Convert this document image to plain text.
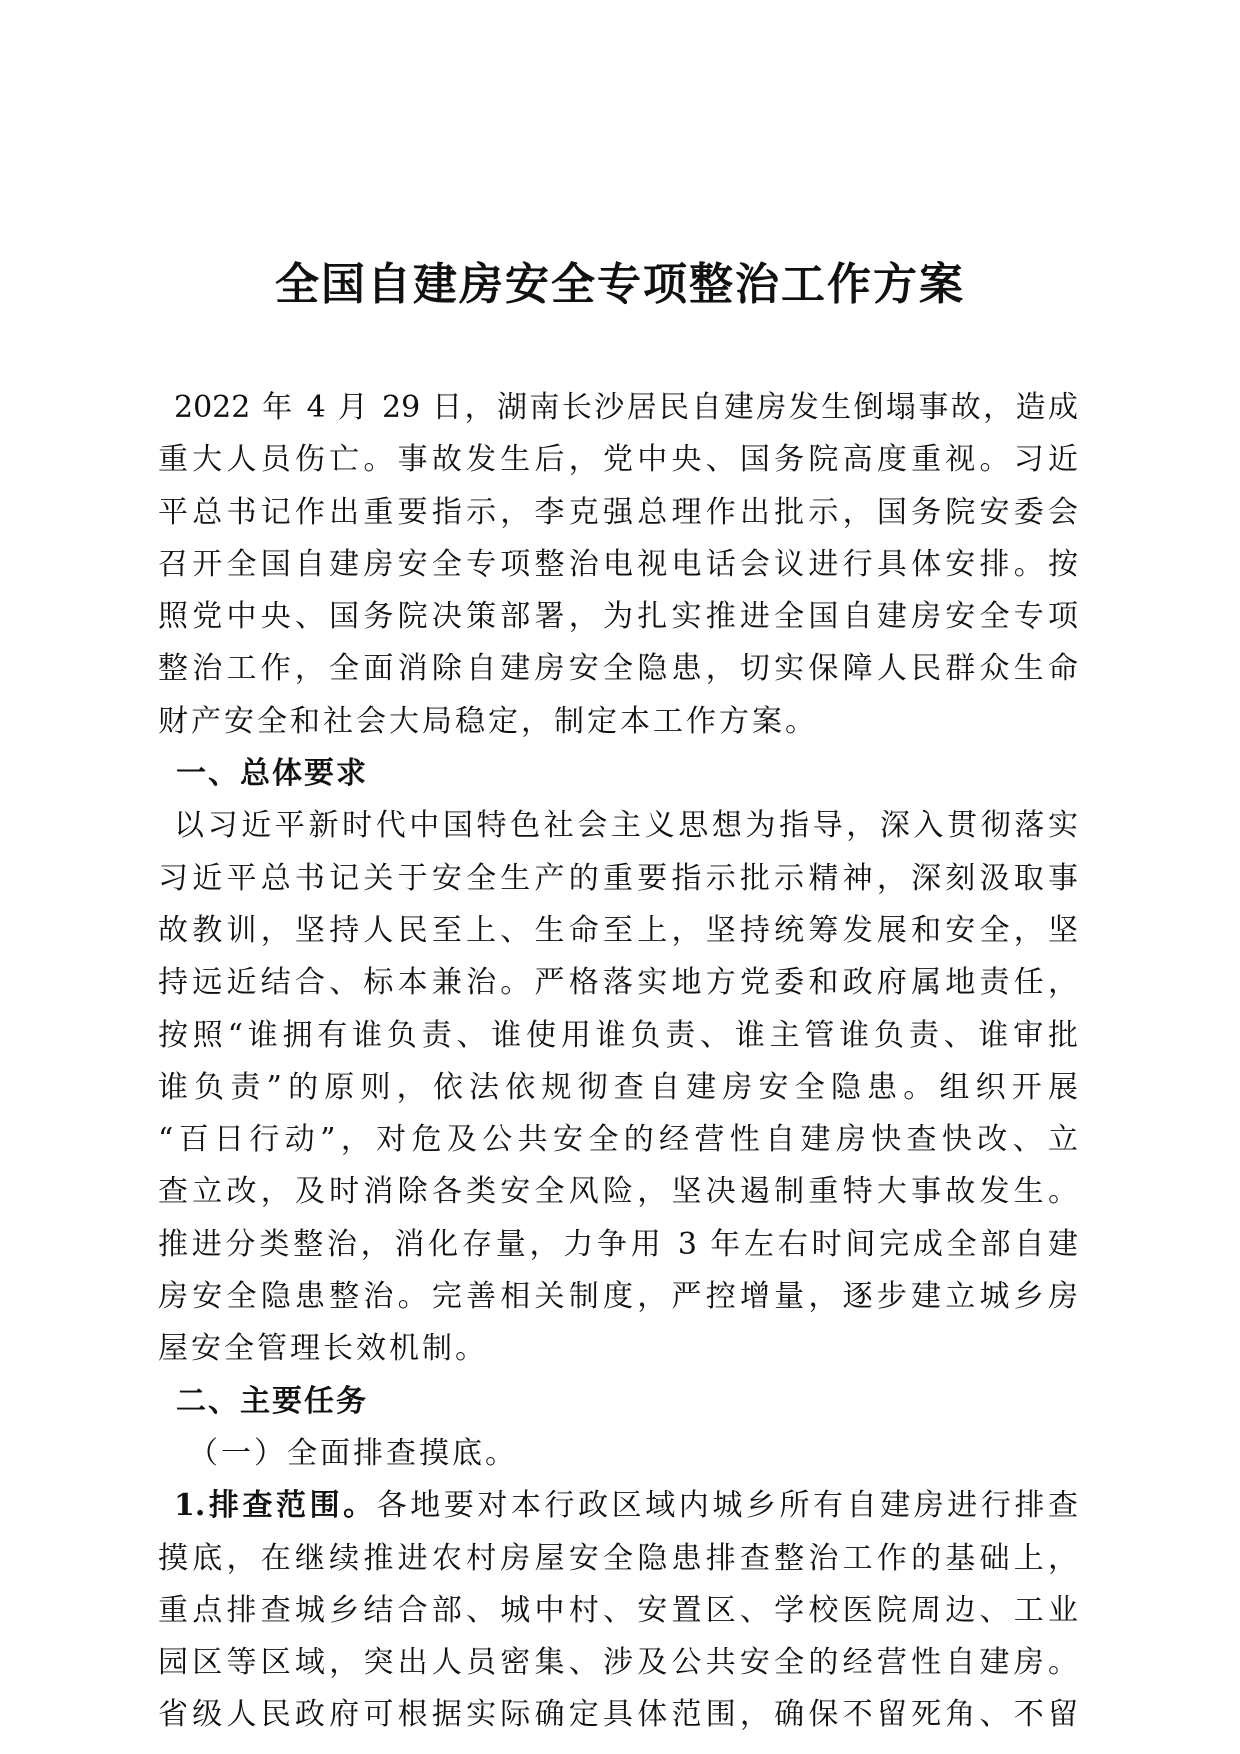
全国自建房安全专项整治工作方案
2022 年 4 月 29 日，湖南长沙居民自建房发生倒塌事故，造成
重大人员伤亡。事故发生后，党中央、国务院高度重视。习近
平总书记作出重要指示，李克强总理作出批示，国务院安委会
召开全国自建房安全专项整治电视电话会议进行具体安排。按
照党中央、国务院决策部署，为扎实推进全国自建房安全专项
整治工作，全面消除自建房安全隐患，切实保障人民群众生命
财产安全和社会大局稳定，制定本工作方案。
一、总体要求
以习近平新时代中国特色社会主义思想为指导，深入贯彻落实
习近平总书记关于安全生产的重要指示批示精神，深刻汲取事
故教训，坚持人民至上、生命至上，坚持统筹发展和安全，坚
持远近结合、标本兼治。严格落实地方党委和政府属地责任，
按照“谁拥有谁负责、谁使用谁负责、谁主管谁负责、谁审批
谁负责”的原则，依法依规彻查自建房安全隐患。组织开展
“百日行动”，对危及公共安全的经营性自建房快查快改、立
查立改，及时消除各类安全风险，坚决遏制重特大事故发生。
推进分类整治，消化存量，力争用 3 年左右时间完成全部自建
房安全隐患整治。完善相关制度，严控增量，逐步建立城乡房
屋安全管理长效机制。
二、主要任务
（一）全面排查摸底。
1.排查范围。各地要对本行政区域内城乡所有自建房进行排查
摸底，在继续推进农村房屋安全隐患排查整治工作的基础上，
重点排查城乡结合部、城中村、安置区、学校医院周边、工业
园区等区域，突出人员密集、涉及公共安全的经营性自建房。
省级人民政府可根据实际确定具体范围，确保不留死角、不留
